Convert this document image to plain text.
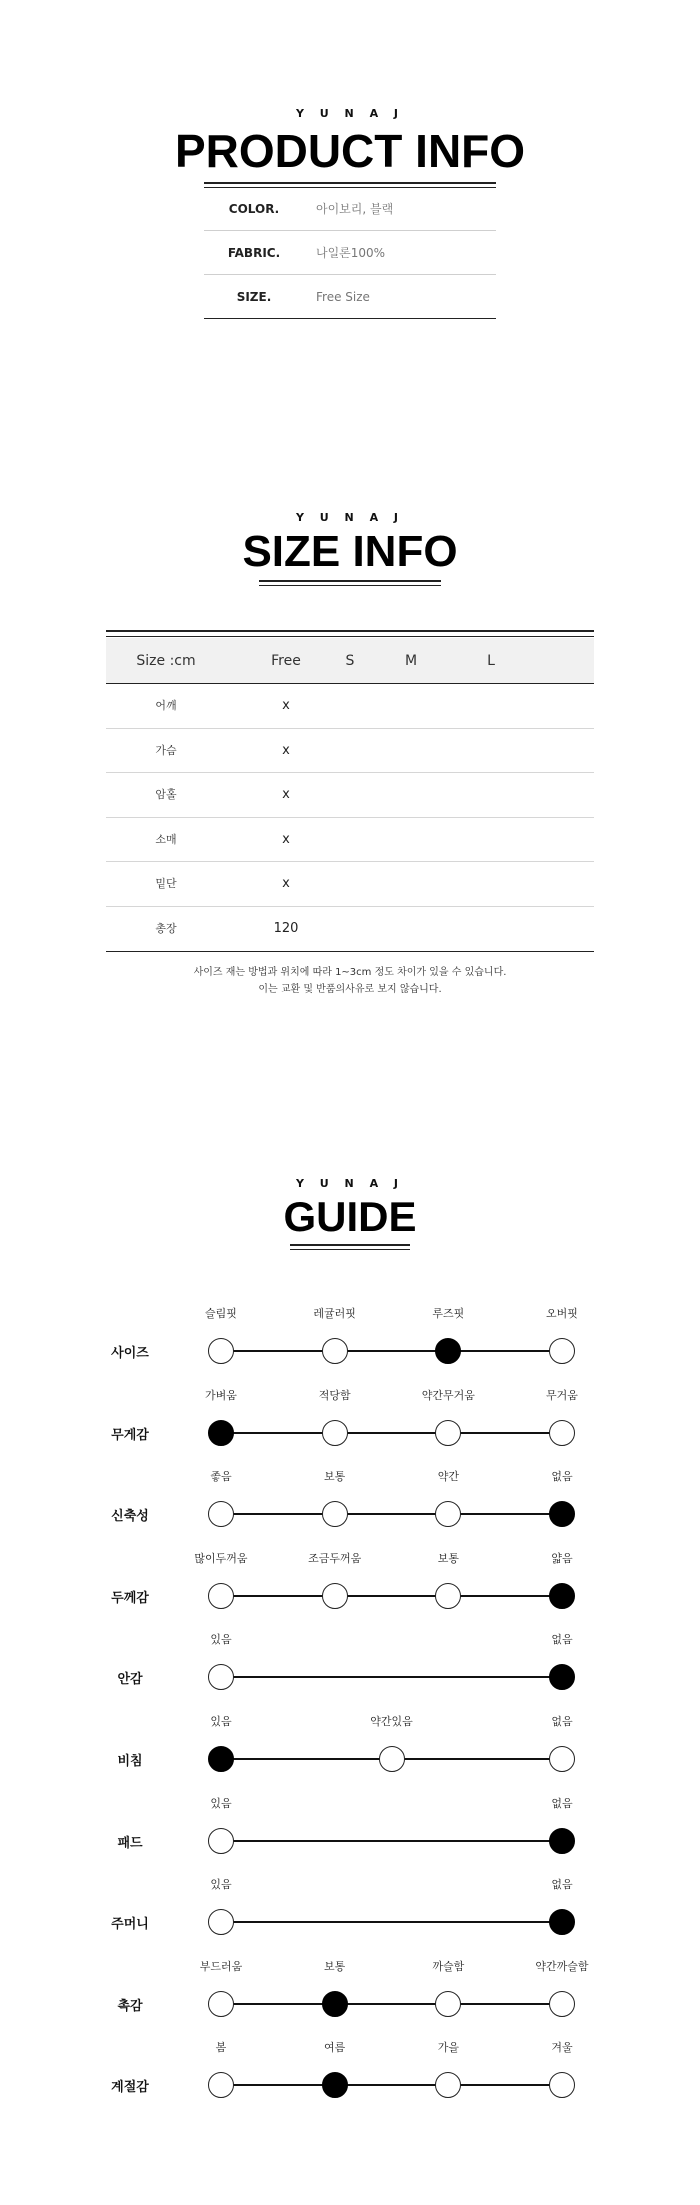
Y U N A J
PRODUCT INFO
COLOR.	아이보리, 블랙
FABRIC.	나일론100%
SIZE.	Free Size
Y U N A J
SIZE INFO
Size :cm	Free	S	M	L
어깨	x
가슴	x
암홀	x
소매	x
밑단	x
총장	120
사이즈 재는 방법과 위치에 따라 1~3cm 정도 차이가 있을 수 있습니다.
이는 교환 및 반품의사유로 보지 않습니다.
Y U N A J
GUIDE
사이즈
슬림핏	레귤러핏	루즈핏	오버핏
무게감
가벼움	적당함	약간무거움	무거움
신축성
좋음	보통	약간	없음
두께감
많이두꺼움	조금두꺼움	보통	얇음
안감
있음	없음
비침
있음	약간있음	없음
패드
있음	없음
주머니
있음	없음
촉감
부드러움	보통	까슬함	약간까슬함
계절감
봄	여름	가을	겨울
